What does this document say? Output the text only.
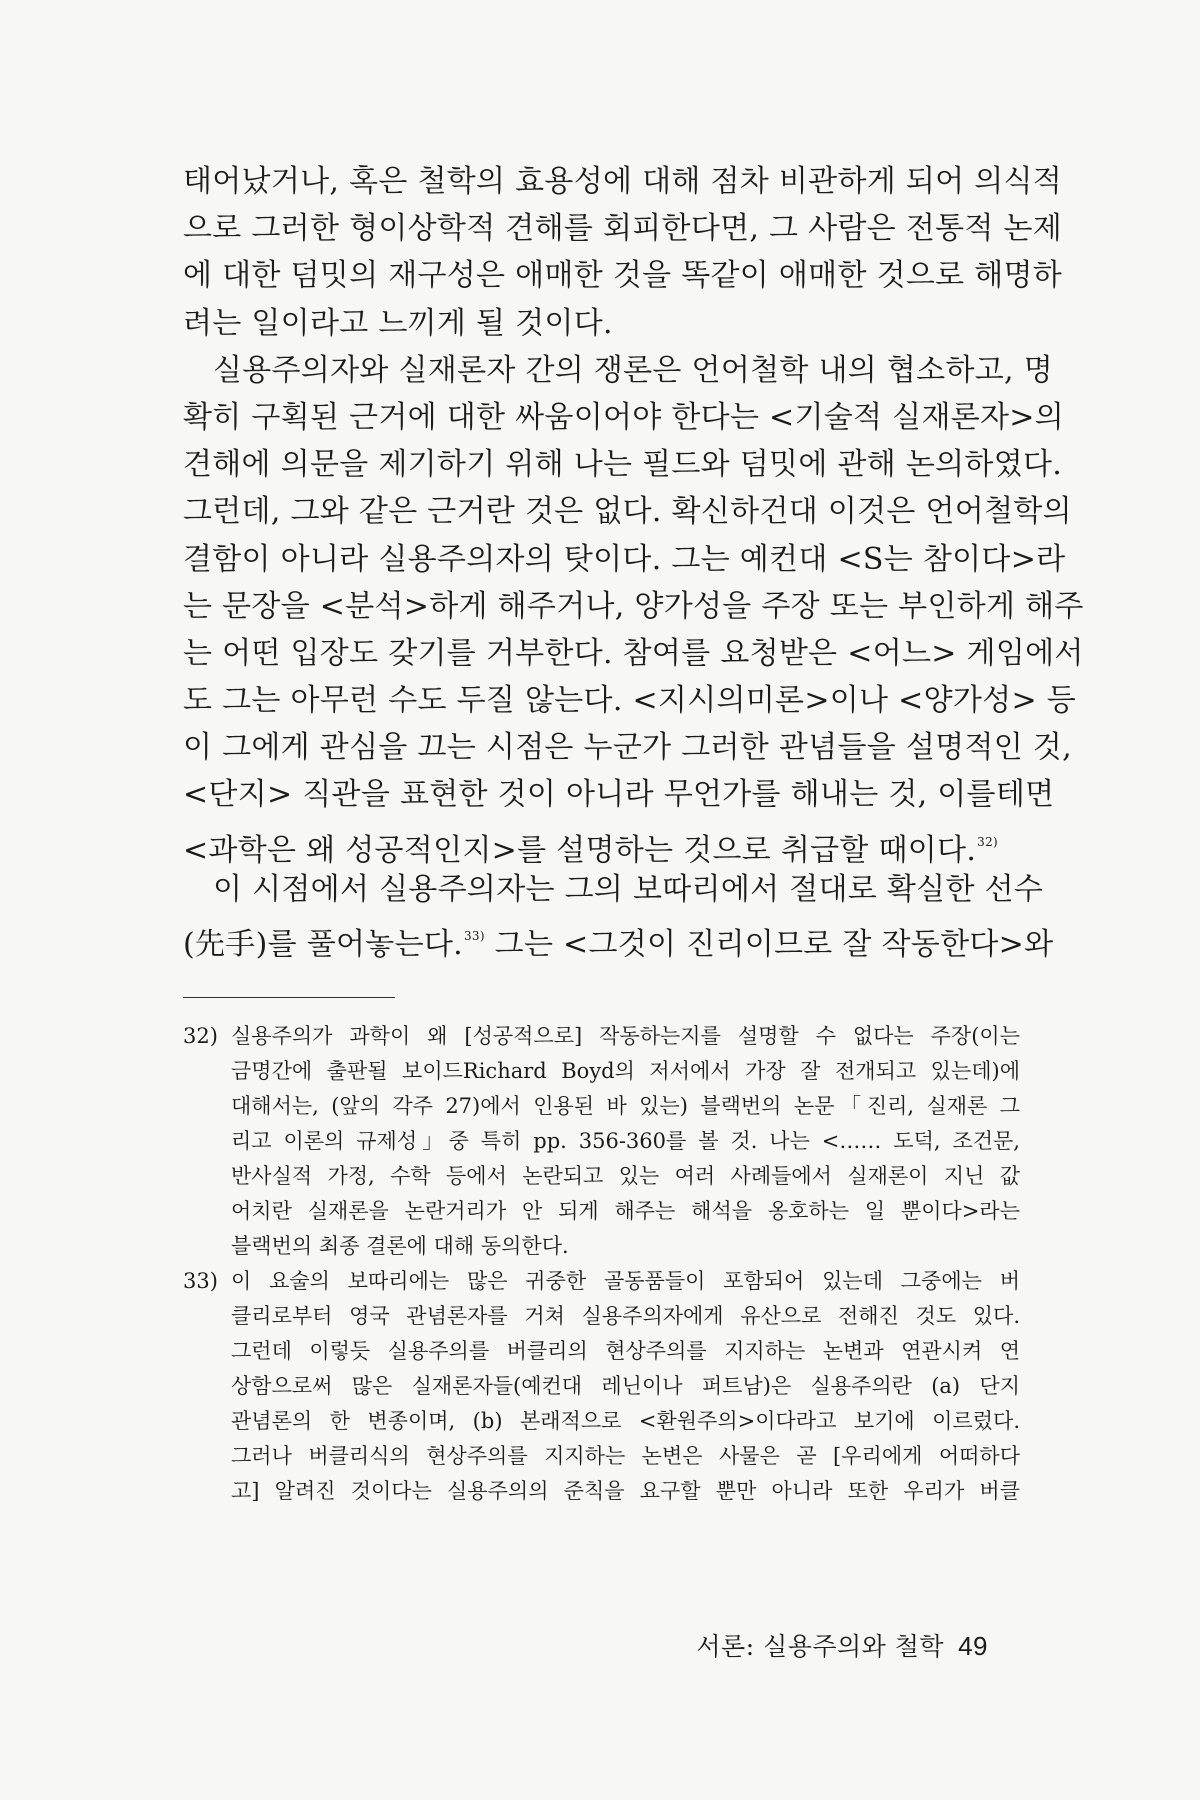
태어났거나, 혹은 철학의 효용성에 대해 점차 비관하게 되어 의식적
으로 그러한 형이상학적 견해를 회피한다면, 그 사람은 전통적 논제
에 대한 덤밋의 재구성은 애매한 것을 똑같이 애매한 것으로 해명하
려는 일이라고 느끼게 될 것이다.
실용주의자와 실재론자 간의 쟁론은 언어철학 내의 협소하고, 명
확히 구획된 근거에 대한 싸움이어야 한다는 <기술적 실재론자>의
견해에 의문을 제기하기 위해 나는 필드와 덤밋에 관해 논의하였다.
그런데, 그와 같은 근거란 것은 없다. 확신하건대 이것은 언어철학의
결함이 아니라 실용주의자의 탓이다. 그는 예컨대 <S는 참이다>라
는 문장을 <분석>하게 해주거나, 양가성을 주장 또는 부인하게 해주
는 어떤 입장도 갖기를 거부한다. 참여를 요청받은 <어느> 게임에서
도 그는 아무런 수도 두질 않는다. <지시의미론>이나 <양가성> 등
이 그에게 관심을 끄는 시점은 누군가 그러한 관념들을 설명적인 것,
<단지> 직관을 표현한 것이 아니라 무언가를 해내는 것, 이를테면
<과학은 왜 성공적인지>를 설명하는 것으로 취급할 때이다.$^{32)}$
이 시점에서 실용주의자는 그의 보따리에서 절대로 확실한 선수
(先手)를 풀어놓는다.$^{33)}$ 그는 <그것이 진리이므로 잘 작동한다>와
32) 실용주의가 과학이 왜 [성공적으로] 작동하는지를 설명할 수 없다는 주장(이는
금명간에 출판될 보이드Richard Boyd의 저서에서 가장 잘 전개되고 있는데)에
대해서는, (앞의 각주 27)에서 인용된 바 있는) 블랙번의 논문「진리, 실재론 그
리고 이론의 규제성」중 특히 pp. 356-360를 볼 것. 나는 <…… 도덕, 조건문,
반사실적 가정, 수학 등에서 논란되고 있는 여러 사례들에서 실재론이 지닌 값
어치란 실재론을 논란거리가 안 되게 해주는 해석을 옹호하는 일 뿐이다>라는
블랙번의 최종 결론에 대해 동의한다.
33) 이 요술의 보따리에는 많은 귀중한 골동품들이 포함되어 있는데 그중에는 버
클리로부터 영국 관념론자를 거쳐 실용주의자에게 유산으로 전해진 것도 있다.
그런데 이렇듯 실용주의를 버클리의 현상주의를 지지하는 논변과 연관시켜 연
상함으로써 많은 실재론자들(예컨대 레닌이나 퍼트남)은 실용주의란 (a) 단지
관념론의 한 변종이며, (b) 본래적으로 <환원주의>이다라고 보기에 이르렀다.
그러나 버클리식의 현상주의를 지지하는 논변은 사물은 곧 [우리에게 어떠하다
고] 알려진 것이다는 실용주의의 준칙을 요구할 뿐만 아니라 또한 우리가 버클
서론: 실용주의와 철학 49
